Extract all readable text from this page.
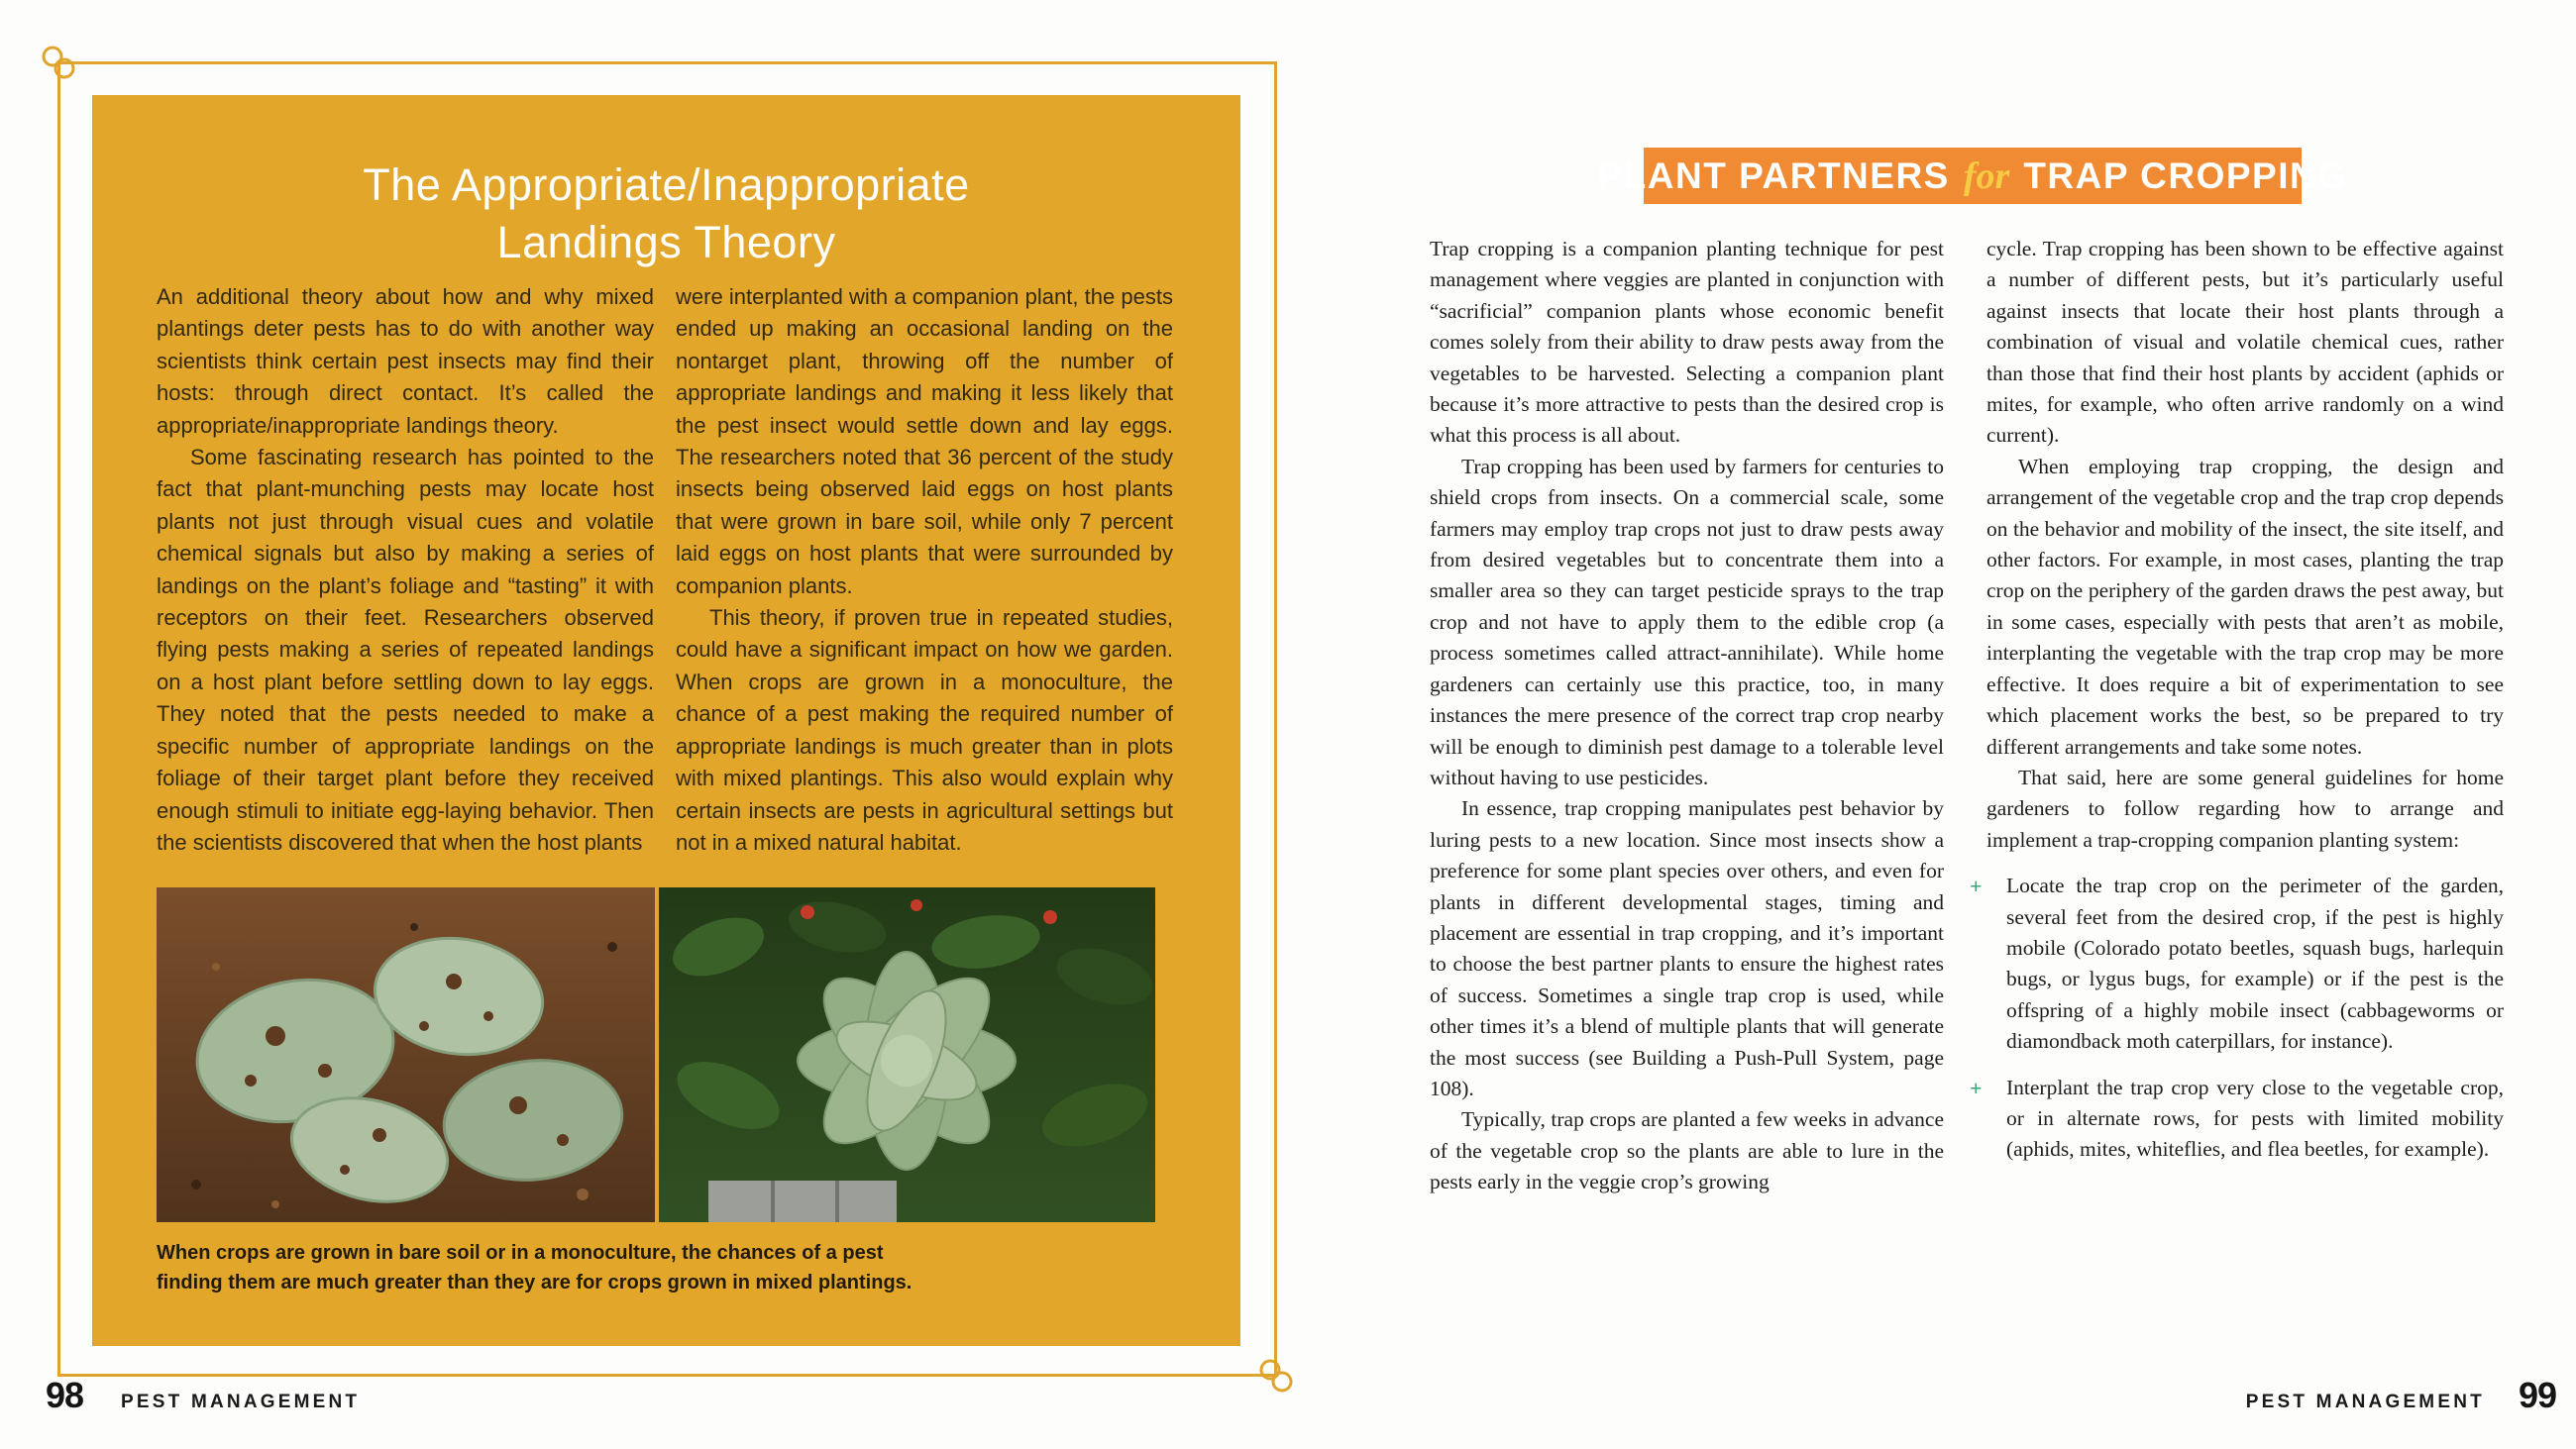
The Appropriate/Inappropriate
Landings Theory

An additional theory about how and why mixed plantings deter pests has to do with another way scientists think certain pest insects may find their hosts: through direct contact. It’s called the appropriate/inappropriate landings theory.

Some fascinating research has pointed to the fact that plant-munching pests may locate host plants not just through visual cues and volatile chemical signals but also by making a series of landings on the plant’s foliage and “tasting” it with receptors on their feet. Researchers observed flying pests making a series of repeated landings on a host plant before settling down to lay eggs. They noted that the pests needed to make a specific number of appropriate landings on the foliage of their target plant before they received enough stimuli to initiate egg-laying behavior. Then the scientists discovered that when the host plants

were interplanted with a companion plant, the pests ended up making an occasional landing on the nontarget plant, throwing off the number of appropriate landings and making it less likely that the pest insect would settle down and lay eggs. The researchers noted that 36 percent of the study insects being observed laid eggs on host plants that were grown in bare soil, while only 7 percent laid eggs on host plants that were surrounded by companion plants.

This theory, if proven true in repeated studies, could have a significant impact on how we garden. When crops are grown in a monoculture, the chance of a pest making the required number of appropriate landings is much greater than in plots with mixed plantings. This also would explain why certain insects are pests in agricultural settings but not in a mixed natural habitat.

When crops are grown in bare soil or in a monoculture, the chances of a pest finding them are much greater than they are for crops grown in mixed plantings.
98 PEST MANAGEMENT
PLANT PARTNERS for TRAP CROPPING

Trap cropping is a companion planting technique for pest management where veggies are planted in conjunction with “sacrificial” companion plants whose economic benefit comes solely from their ability to draw pests away from the vegetables to be harvested. Selecting a companion plant because it’s more attractive to pests than the desired crop is what this process is all about.

Trap cropping has been used by farmers for centuries to shield crops from insects. On a commercial scale, some farmers may employ trap crops not just to draw pests away from desired vegetables but to concentrate them into a smaller area so they can target pesticide sprays to the trap crop and not have to apply them to the edible crop (a process sometimes called attract-annihilate). While home gardeners can certainly use this practice, too, in many instances the mere presence of the correct trap crop nearby will be enough to diminish pest damage to a tolerable level without having to use pesticides.

In essence, trap cropping manipulates pest behavior by luring pests to a new location. Since most insects show a preference for some plant species over others, and even for plants in different developmental stages, timing and placement are essential in trap cropping, and it’s important to choose the best partner plants to ensure the highest rates of success. Sometimes a single trap crop is used, while other times it’s a blend of multiple plants that will generate the most success (see Building a Push-Pull System, page 108).

Typically, trap crops are planted a few weeks in advance of the vegetable crop so the plants are able to lure in the pests early in the veggie crop’s growing

cycle. Trap cropping has been shown to be effective against a number of different pests, but it’s particularly useful against insects that locate their host plants through a combination of visual and volatile chemical cues, rather than those that find their host plants by accident (aphids or mites, for example, who often arrive randomly on a wind current).

When employing trap cropping, the design and arrangement of the vegetable crop and the trap crop depends on the behavior and mobility of the insect, the site itself, and other factors. For example, in most cases, planting the trap crop on the periphery of the garden draws the pest away, but in some cases, especially with pests that aren’t as mobile, interplanting the vegetable with the trap crop may be more effective. It does require a bit of experimentation to see which placement works the best, so be prepared to try different arrangements and take some notes.

That said, here are some general guidelines for home gardeners to follow regarding how to arrange and implement a trap-cropping companion planting system:

+	Locate the trap crop on the perimeter of the garden, several feet from the desired crop, if the pest is highly mobile (Colorado potato beetles, squash bugs, harlequin bugs, or lygus bugs, for example) or if the pest is the offspring of a highly mobile insect (cabbageworms or diamondback moth caterpillars, for instance).

+	Interplant the trap crop very close to the vegetable crop, or in alternate rows, for pests with limited mobility (aphids, mites, whiteflies, and flea beetles, for example).

PEST MANAGEMENT 99
